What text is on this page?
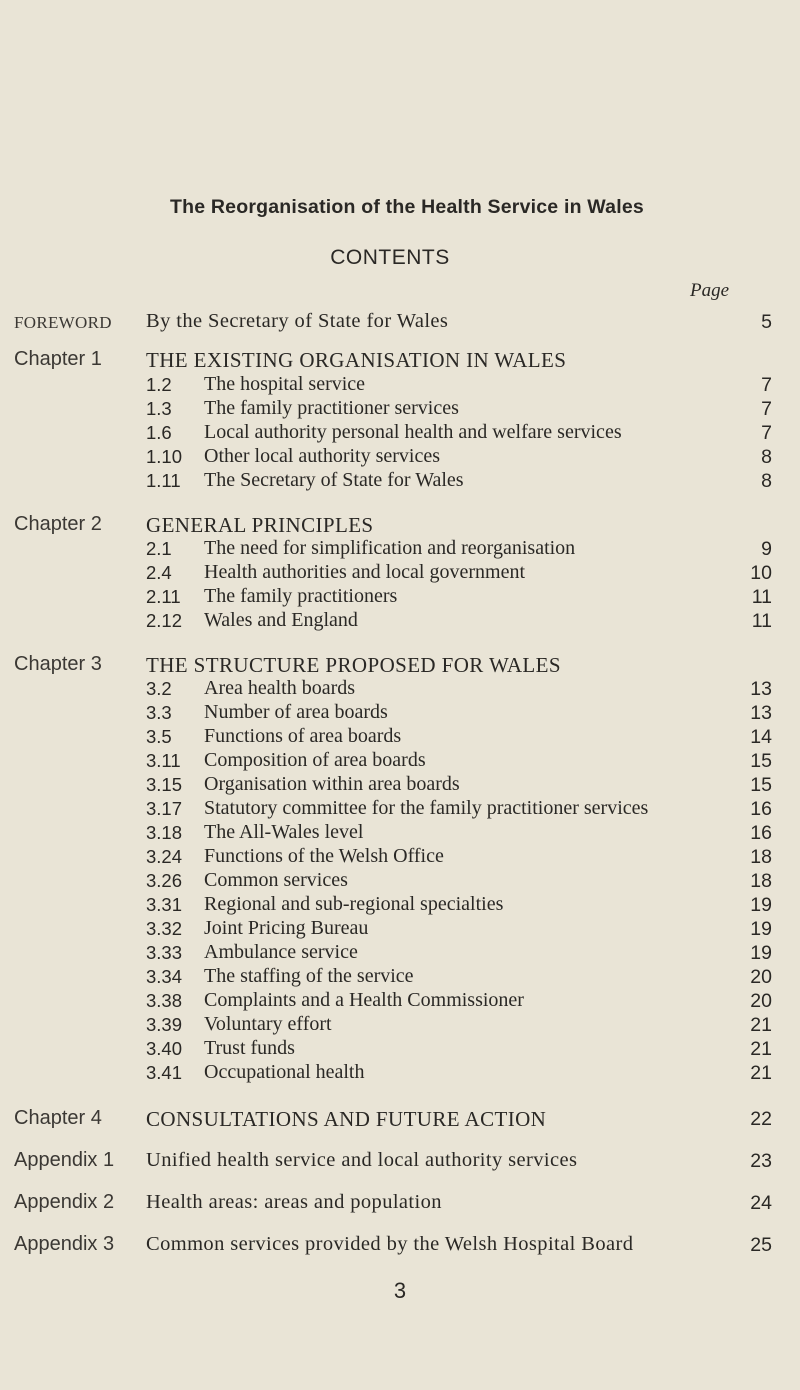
The Reorganisation of the Health Service in Wales
CONTENTS
Page
FOREWORD By the Secretary of State for Wales	5
Chapter 1 THE EXISTING ORGANISATION IN WALES
1.2 The hospital service	7
1.3 The family practitioner services	7
1.6 Local authority personal health and welfare services	7
1.10 Other local authority services	8
1.11 The Secretary of State for Wales	8
Chapter 2 GENERAL PRINCIPLES
2.1 The need for simplification and reorganisation	9
2.4 Health authorities and local government	10
2.11 The family practitioners	11
2.12 Wales and England	11
Chapter 3 THE STRUCTURE PROPOSED FOR WALES
3.2 Area health boards	13
3.3 Number of area boards	13
3.5 Functions of area boards	14
3.11 Composition of area boards	15
3.15 Organisation within area boards	15
3.17 Statutory committee for the family practitioner services	16
3.18 The All-Wales level	16
3.24 Functions of the Welsh Office	18
3.26 Common services	18
3.31 Regional and sub-regional specialties	19
3.32 Joint Pricing Bureau	19
3.33 Ambulance service	19
3.34 The staffing of the service	20
3.38 Complaints and a Health Commissioner	20
3.39 Voluntary effort	21
3.40 Trust funds	21
3.41 Occupational health	21
Chapter 4 CONSULTATIONS AND FUTURE ACTION	22
Appendix 1 Unified health service and local authority services	23
Appendix 2 Health areas: areas and population	24
Appendix 3 Common services provided by the Welsh Hospital Board	25
3
